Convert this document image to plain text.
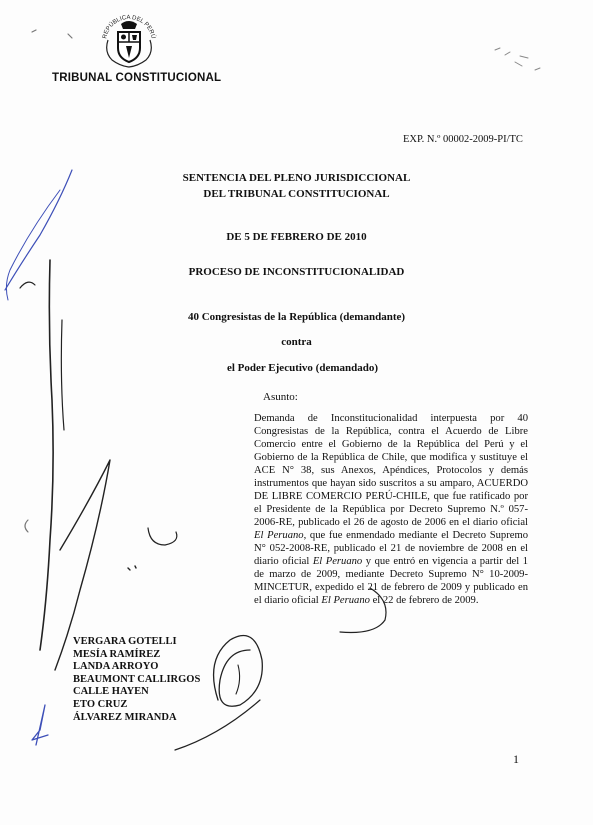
REPÚBLICA DEL PERÚ
TRIBUNAL CONSTITUCIONAL
EXP. N.º 00002-2009-PI/TC
SENTENCIA DEL PLENO JURISDICCIONAL
DEL TRIBUNAL CONSTITUCIONAL
DE 5 DE FEBRERO DE 2010
PROCESO DE INCONSTITUCIONALIDAD
40 Congresistas de la República (demandante)
contra
el Poder Ejecutivo (demandado)
Asunto:
Demanda de Inconstitucionalidad interpuesta por 40 Congresistas de la República, contra el Acuerdo de Libre Comercio entre el Gobierno de la República del Perú y el Gobierno de la República de Chile, que modifica y sustituye el ACE N° 38, sus Anexos, Apéndices, Protocolos y demás instrumentos que hayan sido suscritos a su amparo, ACUERDO DE LIBRE COMERCIO PERÚ-CHILE, que fue ratificado por el Presidente de la República por Decreto Supremo N.º 057-2006-RE, publicado el 26 de agosto de 2006 en el diario oficial El Peruano, que fue enmendado mediante el Decreto Supremo N° 052-2008-RE, publicado el 21 de noviembre de 2008 en el diario oficial El Peruano y que entró en vigencia a partir del 1 de marzo de 2009, mediante Decreto Supremo N° 10-2009-MINCETUR, expedido el 21 de febrero de 2009 y publicado en el diario oficial El Peruano el 22 de febrero de 2009.
VERGARA GOTELLI
MESÍA RAMÍREZ
LANDA ARROYO
BEAUMONT CALLIRGOS
CALLE HAYEN
ETO CRUZ
ÁLVAREZ MIRANDA
1
